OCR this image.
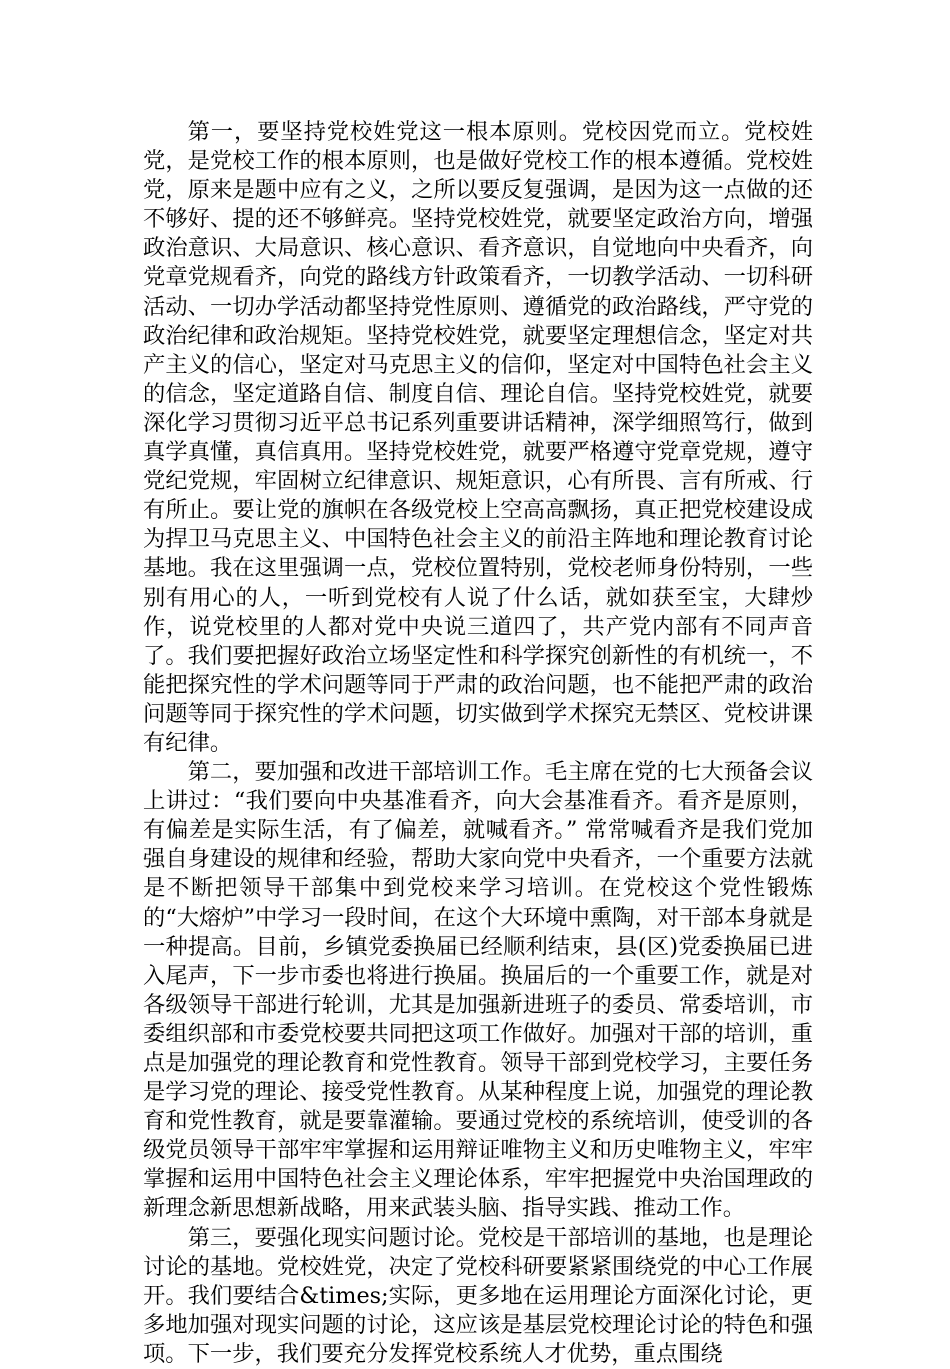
第一，要坚持党校姓党这一根本原则。党校因党而立。党校姓党，是党校工作的根本原则，也是做好党校工作的根本遵循。党校姓党，原来是题中应有之义，之所以要反复强调，是因为这一点做的还不够好、提的还不够鲜亮。坚持党校姓党，就要坚定政治方向，增强政治意识、大局意识、核心意识、看齐意识，自觉地向中央看齐，向党章党规看齐，向党的路线方针政策看齐，一切教学活动、一切科研活动、一切办学活动都坚持党性原则、遵循党的政治路线，严守党的政治纪律和政治规矩。坚持党校姓党，就要坚定理想信念，坚定对共产主义的信心，坚定对马克思主义的信仰，坚定对中国特色社会主义的信念，坚定道路自信、制度自信、理论自信。坚持党校姓党，就要深化学习贯彻习近平总书记系列重要讲话精神，深学细照笃行，做到真学真懂，真信真用。坚持党校姓党，就要严格遵守党章党规，遵守党纪党规，牢固树立纪律意识、规矩意识，心有所畏、言有所戒、行有所止。要让党的旗帜在各级党校上空高高飘扬，真正把党校建设成为捍卫马克思主义、中国特色社会主义的前沿主阵地和理论教育讨论基地。我在这里强调一点，党校位置特别，党校老师身份特别，一些别有用心的人，一听到党校有人说了什么话，就如获至宝，大肆炒作，说党校里的人都对党中央说三道四了，共产党内部有不同声音了。我们要把握好政治立场坚定性和科学探究创新性的有机统一，不能把探究性的学术问题等同于严肃的政治问题，也不能把严肃的政治问题等同于探究性的学术问题，切实做到学术探究无禁区、党校讲课有纪律。

第二，要加强和改进干部培训工作。毛主席在党的七大预备会议上讲过：“我们要向中央基准看齐，向大会基准看齐。看齐是原则，有偏差是实际生活，有了偏差，就喊看齐。” 常常喊看齐是我们党加强自身建设的规律和经验，帮助大家向党中央看齐，一个重要方法就是不断把领导干部集中到党校来学习培训。在党校这个党性锻炼的“大熔炉”中学习一段时间，在这个大环境中熏陶，对干部本身就是一种提高。目前，乡镇党委换届已经顺利结束，县(区)党委换届已进入尾声，下一步市委也将进行换届。换届后的一个重要工作，就是对各级领导干部进行轮训，尤其是加强新进班子的委员、常委培训，市委组织部和市委党校要共同把这项工作做好。加强对干部的培训，重点是加强党的理论教育和党性教育。领导干部到党校学习，主要任务是学习党的理论、接受党性教育。从某种程度上说，加强党的理论教育和党性教育，就是要靠灌输。要通过党校的系统培训，使受训的各级党员领导干部牢牢掌握和运用辩证唯物主义和历史唯物主义，牢牢掌握和运用中国特色社会主义理论体系，牢牢把握党中央治国理政的新理念新思想新战略，用来武装头脑、指导实践、推动工作。

第三，要强化现实问题讨论。党校是干部培训的基地，也是理论讨论的基地。党校姓党，决定了党校科研要紧紧围绕党的中心工作展开。我们要结合&times;实际，更多地在运用理论方面深化讨论，更多地加强对现实问题的讨论，这应该是基层党校理论讨论的特色和强项。下一步，我们要充分发挥党校系统人才优势，重点围绕
